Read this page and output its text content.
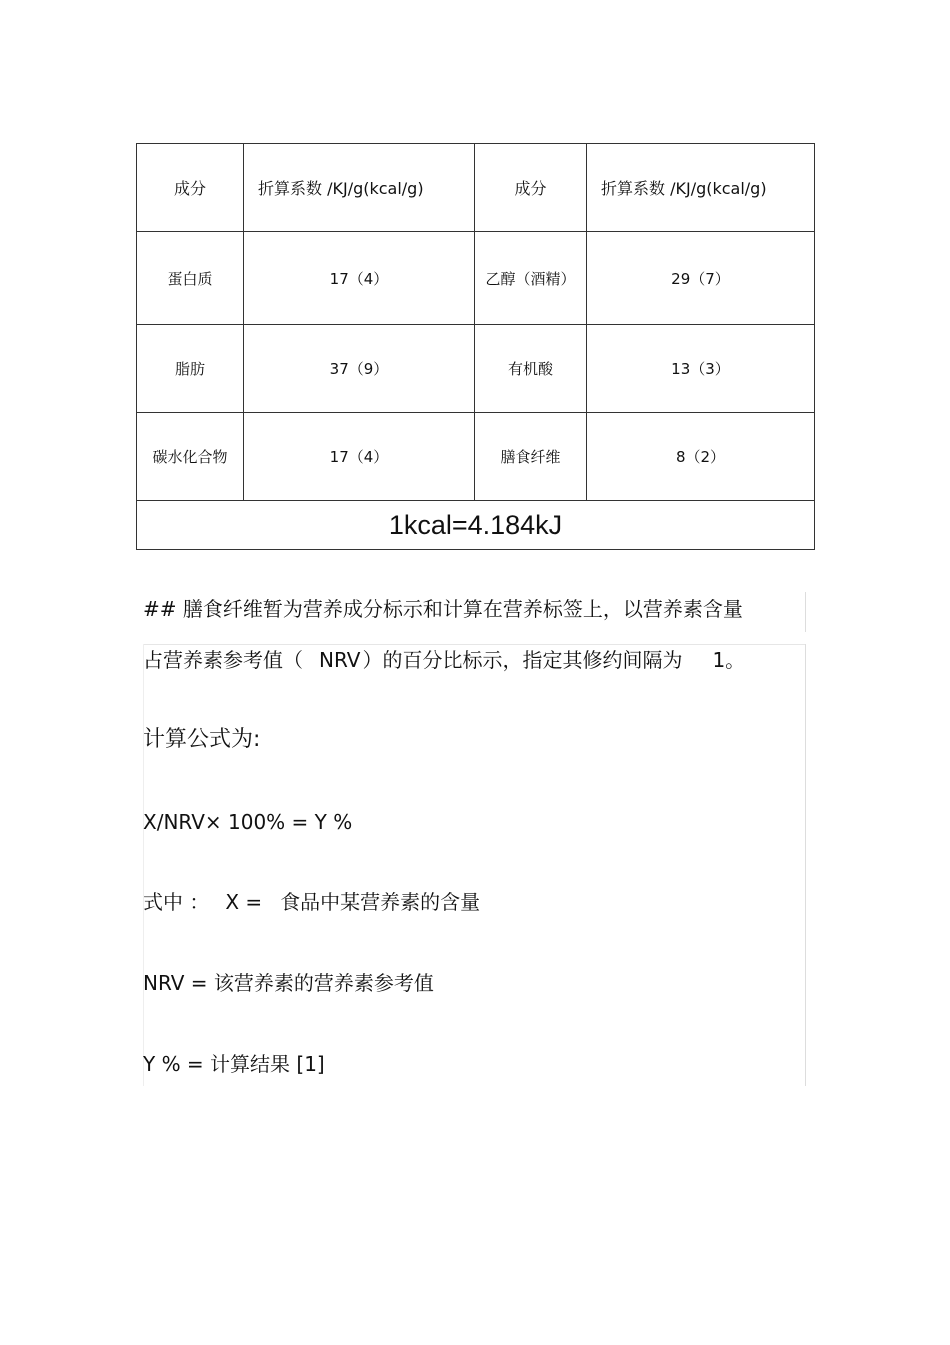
成分	折算系数 /KJ/g(kcal/g)	成分	折算系数 /KJ/g(kcal/g)
蛋白质	17（4）	乙醇（酒精）	29（7）
脂肪	37（9）	有机酸	13（3）
碳水化合物	17（4）	膳食纤维	8（2）
1kcal=4.184kJ			
## 膳食纤维暂为营养成分标示和计算在营养标签上，以营养素含量
占营养素参考值（ NRV ）的百分比标示，指定其修约间隔为 1。
计算公式为:
X/NRV× 100% = Y %
式中 ： X = 食品中某营养素的含量
NRV = 该营养素的营养素参考值
Y % = 计算结果 [1]
